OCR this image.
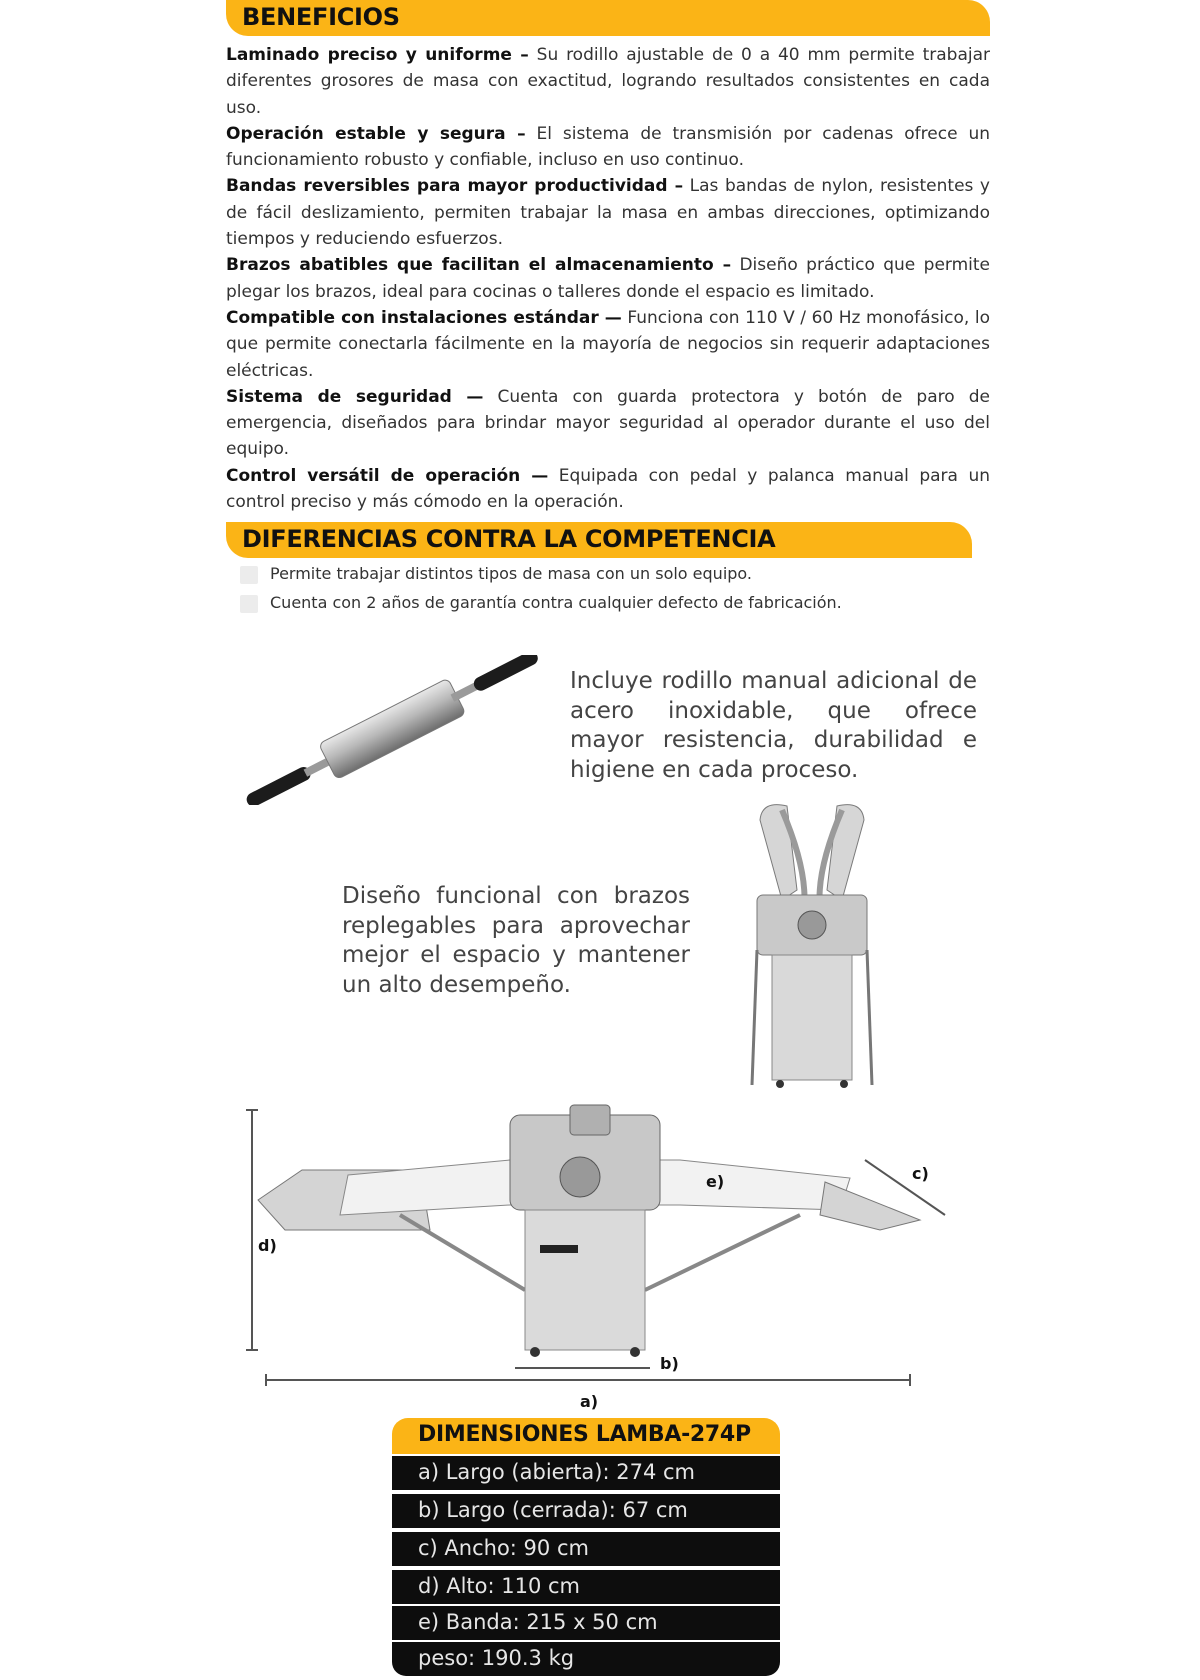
BENEFICIOS

Laminado preciso y uniforme – Su rodillo ajustable de 0 a 40 mm permite trabajar diferentes grosores de masa con exactitud, logrando resultados consistentes en cada uso.

Operación estable y segura – El sistema de transmisión por cadenas ofrece un funcionamiento robusto y confiable, incluso en uso continuo.

Bandas reversibles para mayor productividad – Las bandas de nylon, resistentes y de fácil deslizamiento, permiten trabajar la masa en ambas direcciones, optimizando tiempos y reduciendo esfuerzos.

Brazos abatibles que facilitan el almacenamiento – Diseño práctico que permite plegar los brazos, ideal para cocinas o talleres donde el espacio es limitado.

Compatible con instalaciones estándar — Funciona con 110 V / 60 Hz monofásico, lo que permite conectarla fácilmente en la mayoría de negocios sin requerir adaptaciones eléctricas.

Sistema de seguridad — Cuenta con guarda protectora y botón de paro de emergencia, diseñados para brindar mayor seguridad al operador durante el uso del equipo.

Control versátil de operación — Equipada con pedal y palanca manual para un control preciso y más cómodo en la operación.

DIFERENCIAS CONTRA LA COMPETENCIA
Permite trabajar distintos tipos de masa con un solo equipo.
Cuenta con 2 años de garantía contra cualquier defecto de fabricación.
Incluye rodillo manual adicional de acero inoxidable, que ofrece mayor resistencia, durabilidad e higiene en cada proceso.
Diseño funcional con brazos replegables para aprovechar mejor el espacio y mantener un alto desempeño.
a)
b)
c)
d)
e)
DIMENSIONES LAMBA-274P
a) Largo (abierta): 274 cm
b) Largo (cerrada): 67 cm
c) Ancho: 90 cm
d) Alto: 110 cm
e) Banda: 215 x 50 cm
peso: 190.3 kg
